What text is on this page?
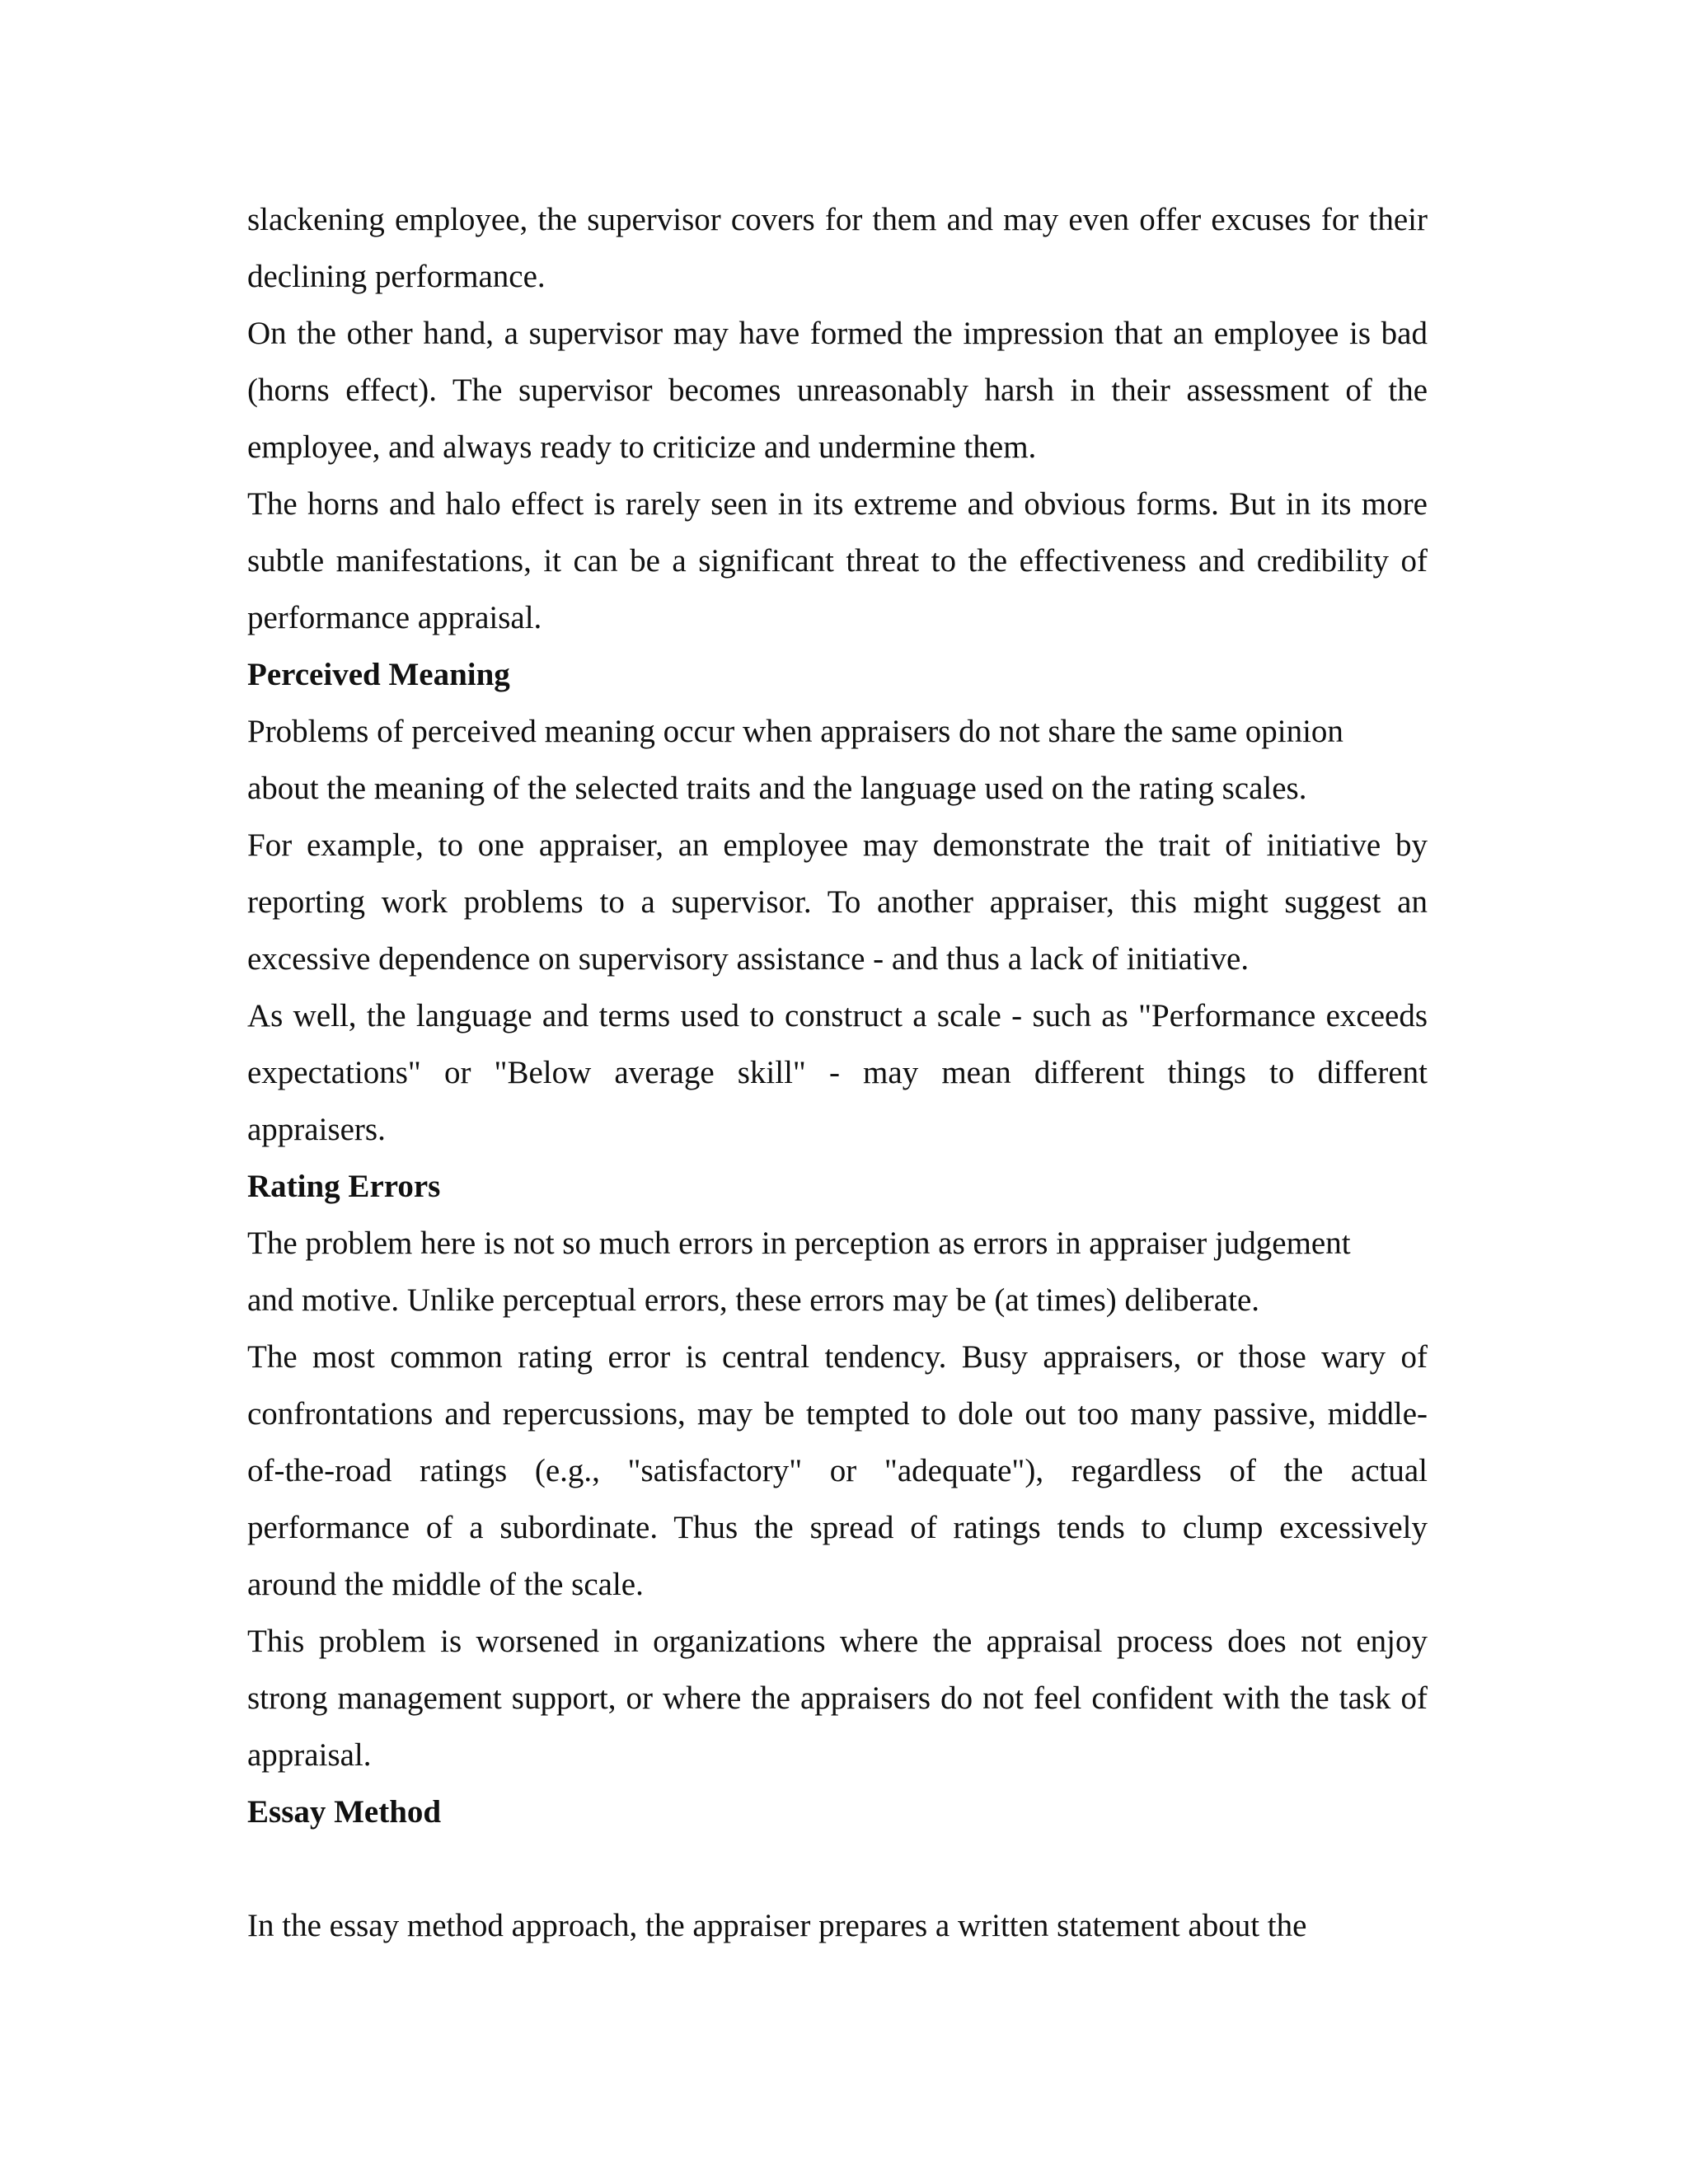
slackening employee, the supervisor covers for them and may even offer excuses for their
declining performance.
On the other hand, a supervisor may have formed the impression that an employee is bad
(horns effect). The supervisor becomes unreasonably harsh in their assessment of the
employee, and always ready to criticize and undermine them.
The horns and halo effect is rarely seen in its extreme and obvious forms. But in its more
subtle manifestations, it can be a significant threat to the effectiveness and credibility of
performance appraisal.
Perceived Meaning
Problems of perceived meaning occur when appraisers do not share the same opinion
about the meaning of the selected traits and the language used on the rating scales.
For example, to one appraiser, an employee may demonstrate the trait of initiative by
reporting work problems to a supervisor. To another appraiser, this might suggest an
excessive dependence on supervisory assistance - and thus a lack of initiative.
As well, the language and terms used to construct a scale - such as "Performance exceeds
expectations" or "Below average skill" - may mean different things to different
appraisers.
Rating Errors
The problem here is not so much errors in perception as errors in appraiser judgement
and motive. Unlike perceptual errors, these errors may be (at times) deliberate.
The most common rating error is central tendency. Busy appraisers, or those wary of
confrontations and repercussions, may be tempted to dole out too many passive, middle-
of-the-road ratings (e.g., "satisfactory" or "adequate"), regardless of the actual
performance of a subordinate. Thus the spread of ratings tends to clump excessively
around the middle of the scale.
This problem is worsened in organizations where the appraisal process does not enjoy
strong management support, or where the appraisers do not feel confident with the task of
appraisal.
Essay Method
In the essay method approach, the appraiser prepares a written statement about the
